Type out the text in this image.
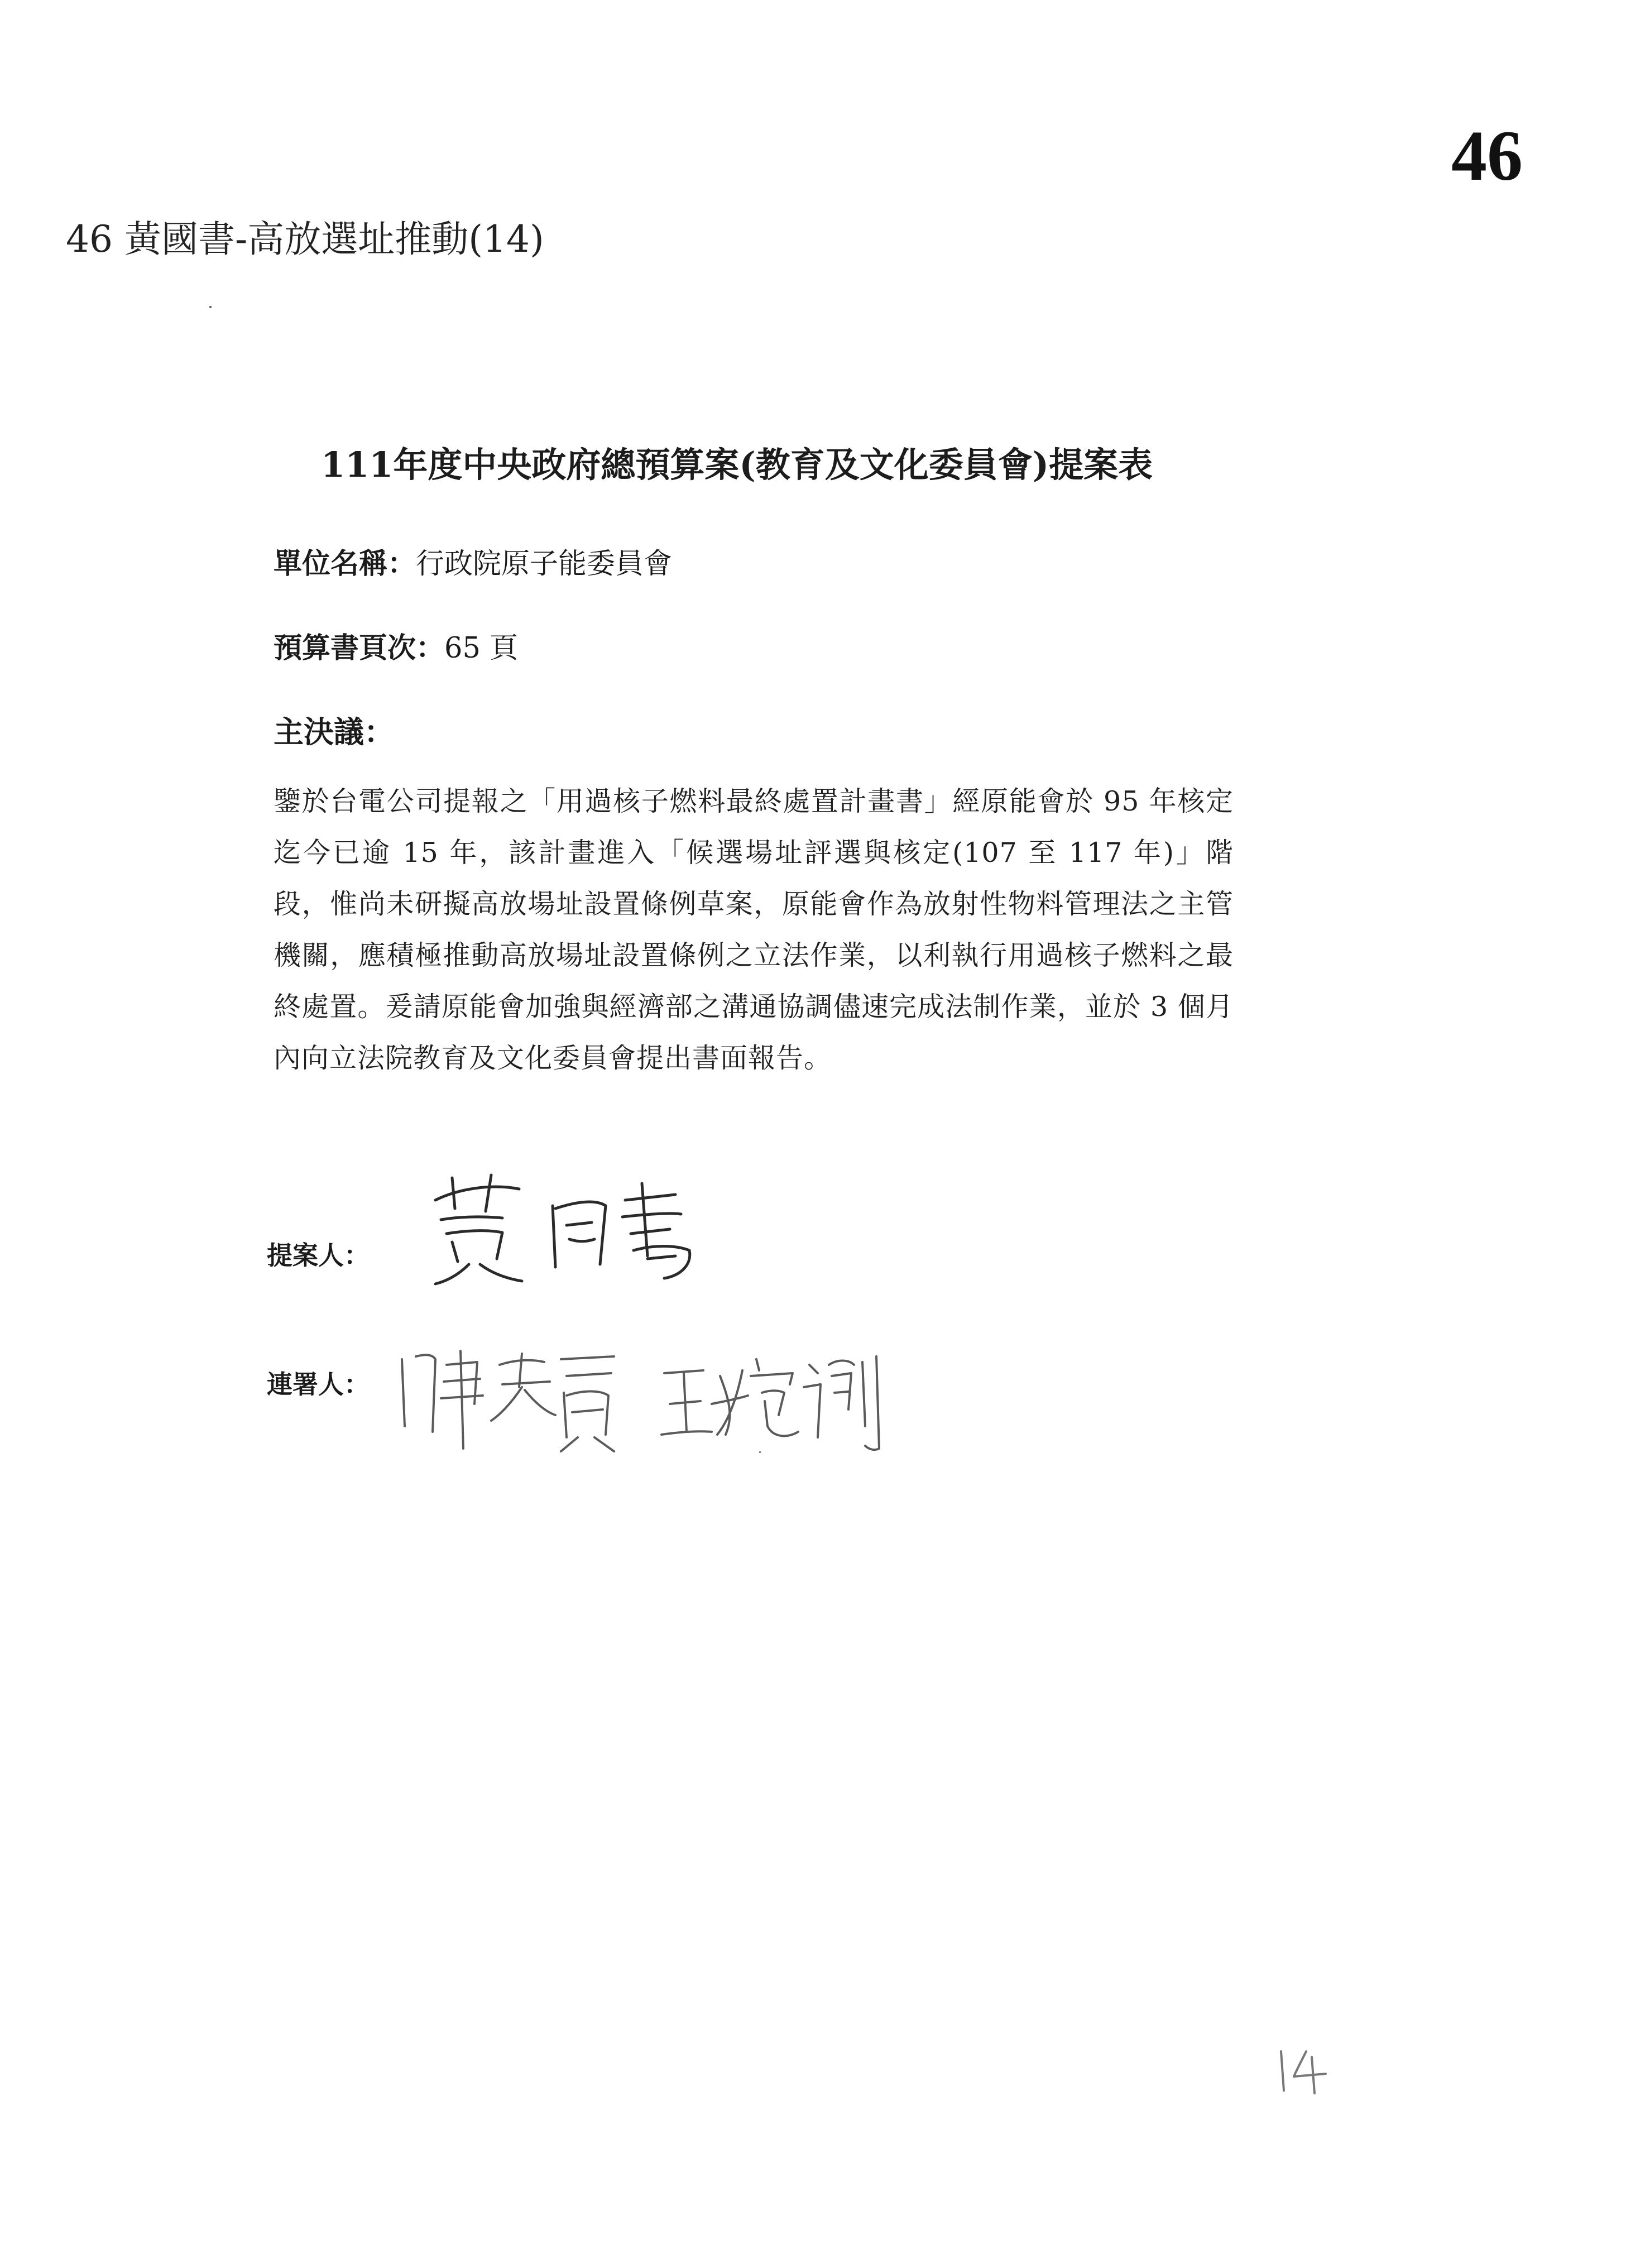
46
46 黃國書-高放選址推動(14)
111年度中央政府總預算案(教育及文化委員會)提案表
單位名稱：行政院原子能委員會
預算書頁次：65 頁
主決議：
鑒於台電公司提報之「用過核子燃料最終處置計畫書」經原能會於 95 年核定迄今已逾 15 年，該計畫進入「候選場址評選與核定(107 至 117 年)」階段，惟尚未研擬高放場址設置條例草案，原能會作為放射性物料管理法之主管機關，應積極推動高放場址設置條例之立法作業，以利執行用過核子燃料之最終處置。爰請原能會加強與經濟部之溝通協調儘速完成法制作業，並於 3 個月內向立法院教育及文化委員會提出書面報告。
提案人：
連署人：
